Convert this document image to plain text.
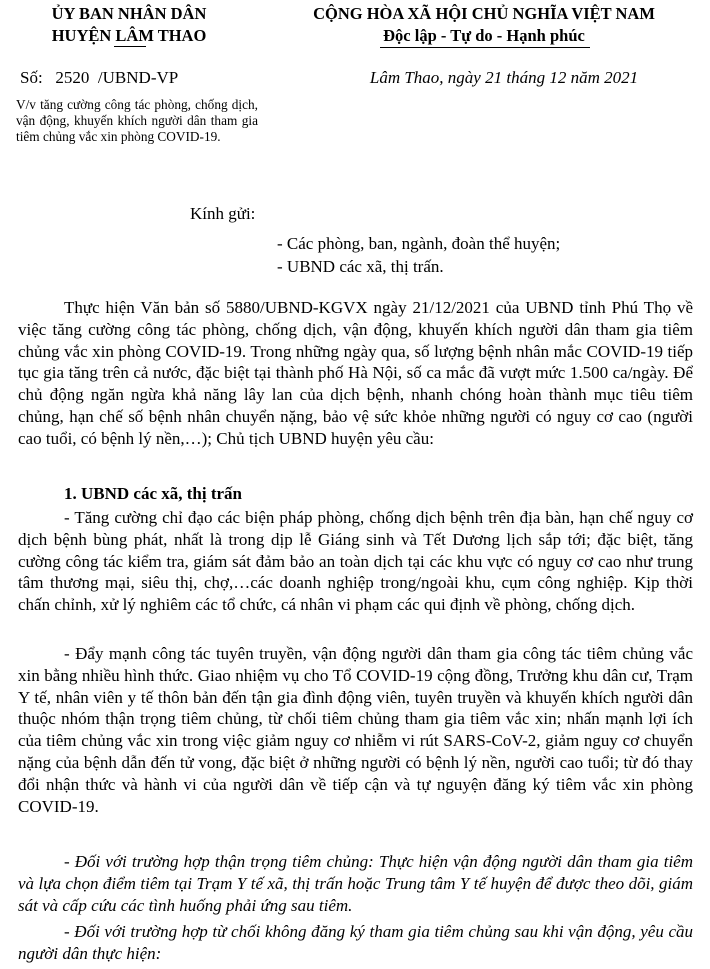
ỦY BAN NHÂN DÂN
HUYỆN LÂM THAO
CỘNG HÒA XÃ HỘI CHỦ NGHĨA VIỆT NAM
Độc lập - Tự do - Hạnh phúc
Số:   2520  /UBND-VP	Lâm Thao, ngày 21 tháng 12 năm 2021
V/v tăng cường công tác phòng, chống dịch, vận động, khuyến khích người dân tham gia tiêm chủng vắc xin phòng COVID-19.
Kính gửi:
- Các phòng, ban, ngành, đoàn thể huyện;
- UBND các xã, thị trấn.

Thực hiện Văn bản số 5880/UBND-KGVX ngày 21/12/2021 của UBND tỉnh Phú Thọ về việc tăng cường công tác phòng, chống dịch, vận động, khuyến khích người dân tham gia tiêm chủng vắc xin phòng COVID-19. Trong những ngày qua, số lượng bệnh nhân mắc COVID-19 tiếp tục gia tăng trên cả nước, đặc biệt tại thành phố Hà Nội, số ca mắc đã vượt mức 1.500 ca/ngày. Để chủ động ngăn ngừa khả năng lây lan của dịch bệnh, nhanh chóng hoàn thành mục tiêu tiêm chủng, hạn chế số bệnh nhân chuyển nặng, bảo vệ sức khỏe những người có nguy cơ cao (người cao tuổi, có bệnh lý nền,…); Chủ tịch UBND huyện yêu cầu:

1. UBND các xã, thị trấn

- Tăng cường chỉ đạo các biện pháp phòng, chống dịch bệnh trên địa bàn, hạn chế nguy cơ dịch bệnh bùng phát, nhất là trong dịp lễ Giáng sinh và Tết Dương lịch sắp tới; đặc biệt, tăng cường công tác kiểm tra, giám sát đảm bảo an toàn dịch tại các khu vực có nguy cơ cao như trung tâm thương mại, siêu thị, chợ,…các doanh nghiệp trong/ngoài khu, cụm công nghiệp. Kịp thời chấn chỉnh, xử lý nghiêm các tổ chức, cá nhân vi phạm các qui định về phòng, chống dịch.

- Đẩy mạnh công tác tuyên truyền, vận động người dân tham gia công tác tiêm chủng vắc xin bằng nhiều hình thức. Giao nhiệm vụ cho Tổ COVID-19 cộng đồng, Trưởng khu dân cư, Trạm Y tế, nhân viên y tế thôn bản đến tận gia đình động viên, tuyên truyền và khuyến khích người dân thuộc nhóm thận trọng tiêm chủng, từ chối tiêm chủng tham gia tiêm vắc xin; nhấn mạnh lợi ích của tiêm chủng vắc xin trong việc giảm nguy cơ nhiễm vi rút SARS-CoV-2, giảm nguy cơ chuyển nặng của bệnh dẫn đến tử vong, đặc biệt ở những người có bệnh lý nền, người cao tuổi; từ đó thay đổi nhận thức và hành vi của người dân về tiếp cận và tự nguyện đăng ký tiêm vắc xin phòng COVID-19.

- Đối với trường hợp thận trọng tiêm chủng: Thực hiện vận động người dân tham gia tiêm và lựa chọn điểm tiêm tại Trạm Y tế xã, thị trấn hoặc Trung tâm Y tế huyện để được theo dõi, giám sát và cấp cứu các tình huống phải ứng sau tiêm.

- Đối với trường hợp từ chối không đăng ký tham gia tiêm chủng sau khi vận động, yêu cầu người dân thực hiện:
